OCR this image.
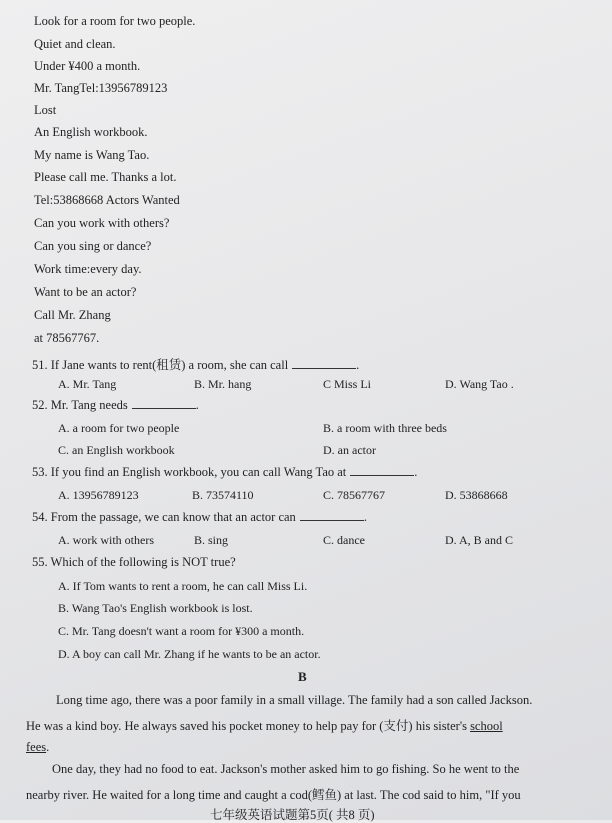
Look for a room for two people.
Quiet and clean.
Under ¥400 a month.
Mr. TangTel:13956789123
Lost
An English workbook.
My name is Wang Tao.
Please call me. Thanks a lot.
Tel:53868668 Actors Wanted
Can you work with others?
Can you sing or dance?
Work time:every day.
Want to be an actor?
Call Mr. Zhang
at 78567767.
51. If Jane wants to rent(租赁) a room, she can call	.
A. Mr. Tang	B. Mr. hang	C Miss Li	D. Wang Tao .
52. Mr. Tang needs	.
A. a room for two people	B. a room with three beds
C. an English workbook	D. an actor
53. If you find an English workbook, you can call Wang Tao at	.
A. 13956789123	B. 73574110	C. 78567767	D. 53868668
54. From the passage, we can know that an actor can	.
A. work with others	B. sing	C. dance	D. A, B and C
55. Which of the following is NOT true?
A. If Tom wants to rent a room, he can call Miss Li.
B. Wang Tao's English workbook is lost.
C. Mr. Tang doesn't want a room for ¥300 a month.
D. A boy can call Mr. Zhang if he wants to be an actor.
B
Long time ago, there was a poor family in a small village. The family had a son called Jackson.
He was a kind boy. He always saved his pocket money to help pay for (支付) his sister's school
fees.
One day, they had no food to eat. Jackson's mother asked him to go fishing. So he went to the
nearby river. He waited for a long time and caught a cod(鳕鱼) at last. The cod said to him, "If you
七年级英语试题第5页( 共8 页)
